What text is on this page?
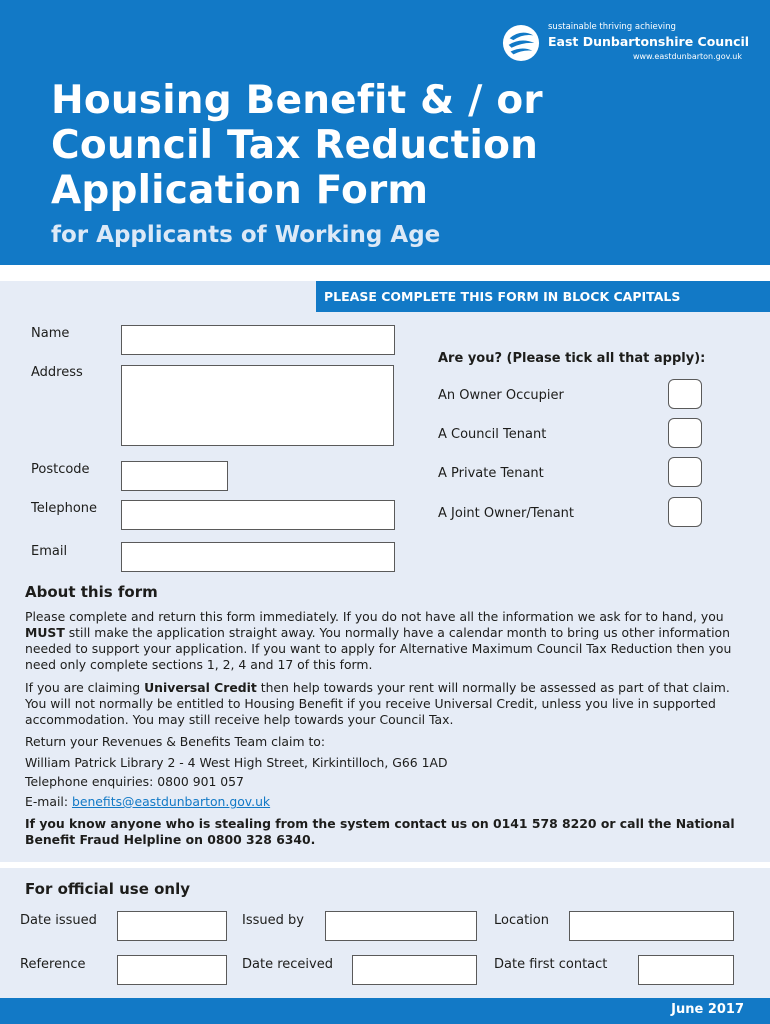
sustainable thriving achieving
East Dunbartonshire Council
www.eastdunbarton.gov.uk
Housing Benefit & / or
Council Tax Reduction
Application Form
for Applicants of Working Age
PLEASE COMPLETE THIS FORM IN BLOCK CAPITALS
Name
Address
Postcode
Telephone
Email
Are you? (Please tick all that apply):
An Owner Occupier
A Council Tenant
A Private Tenant
A Joint Owner/Tenant
About this form

Please complete and return this form immediately. If you do not have all the information we ask for to hand, you MUST still make the application straight away. You normally have a calendar month to bring us other information needed to support your application. If you want to apply for Alternative Maximum Council Tax Reduction then you need only complete sections 1, 2, 4 and 17 of this form.

If you are claiming Universal Credit then help towards your rent will normally be assessed as part of that claim. You will not normally be entitled to Housing Benefit if you receive Universal Credit, unless you live in supported accommodation. You may still receive help towards your Council Tax.

Return your Revenues & Benefits Team claim to:
William Patrick Library 2 - 4 West High Street, Kirkintilloch, G66 1AD
Telephone enquiries: 0800 901 057
E-mail: benefits@eastdunbarton.gov.uk

If you know anyone who is stealing from the system contact us on 0141 578 8220 or call the National Benefit Fraud Helpline on 0800 328 6340.

For official use only
Date issued	Issued by	Location
Reference	Date received	Date first contact
June 2017
